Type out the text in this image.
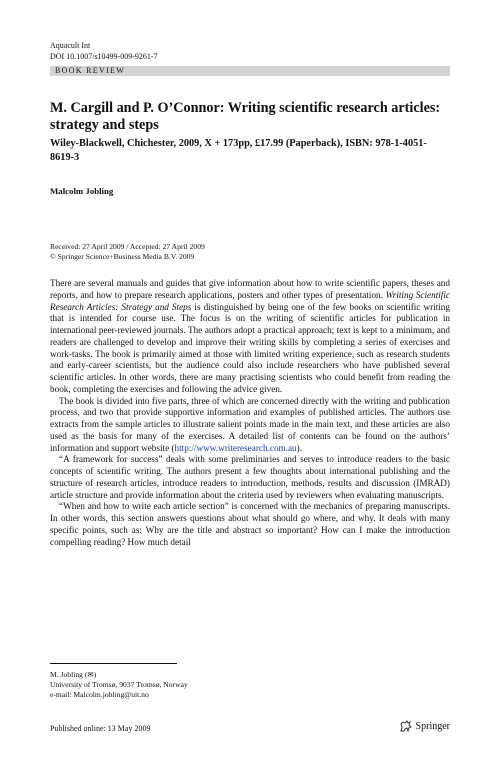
Aquacult Int
DOI 10.1007/s10499-009-9261-7
BOOK REVIEW
M. Cargill and P. O’Connor: Writing scientific research articles: strategy and steps
Wiley-Blackwell, Chichester, 2009, X + 173pp, £17.99 (Paperback), ISBN: 978-1-4051-8619-3
Malcolm Jobling
Received: 27 April 2009 / Accepted: 27 April 2009
© Springer Science+Business Media B.V. 2009

There are several manuals and guides that give information about how to write scientific papers, theses and reports, and how to prepare research applications, posters and other types of presentation. Writing Scientific Research Articles: Strategy and Steps is distinguished by being one of the few books on scientific writing that is intended for course use. The focus is on the writing of scientific articles for publication in international peer-reviewed journals. The authors adopt a practical approach; text is kept to a minimum, and readers are challenged to develop and improve their writing skills by completing a series of exercises and work-tasks. The book is primarily aimed at those with limited writing experience, such as research students and early-career scientists, but the audience could also include researchers who have published several scientific articles. In other words, there are many practising scientists who could benefit from reading the book, completing the exercises and following the advice given.

The book is divided into five parts, three of which are concerned directly with the writing and publication process, and two that provide supportive information and examples of published articles. The authors use extracts from the sample articles to illustrate salient points made in the main text, and these articles are also used as the basis for many of the exercises. A detailed list of contents can be found on the authors’ information and support website (http://www.writeresearch.com.au).

“A framework for success” deals with some preliminaries and serves to introduce readers to the basic concepts of scientific writing. The authors present a few thoughts about international publishing and the structure of research articles, introduce readers to introduction, methods, results and discussion (IMRAD) article structure and provide information about the criteria used by reviewers when evaluating manuscripts.

“When and how to write each article section” is concerned with the mechanics of preparing manuscripts. In other words, this section answers questions about what should go where, and why. It deals with many specific points, such as: Why are the title and abstract so important? How can I make the introduction compelling reading? How much detail

M. Jobling (✉)
University of Tromsø, 9037 Tromsø, Norway
e-mail: Malcolm.jobling@uit.no
Published online: 13 May 2009	Springer
